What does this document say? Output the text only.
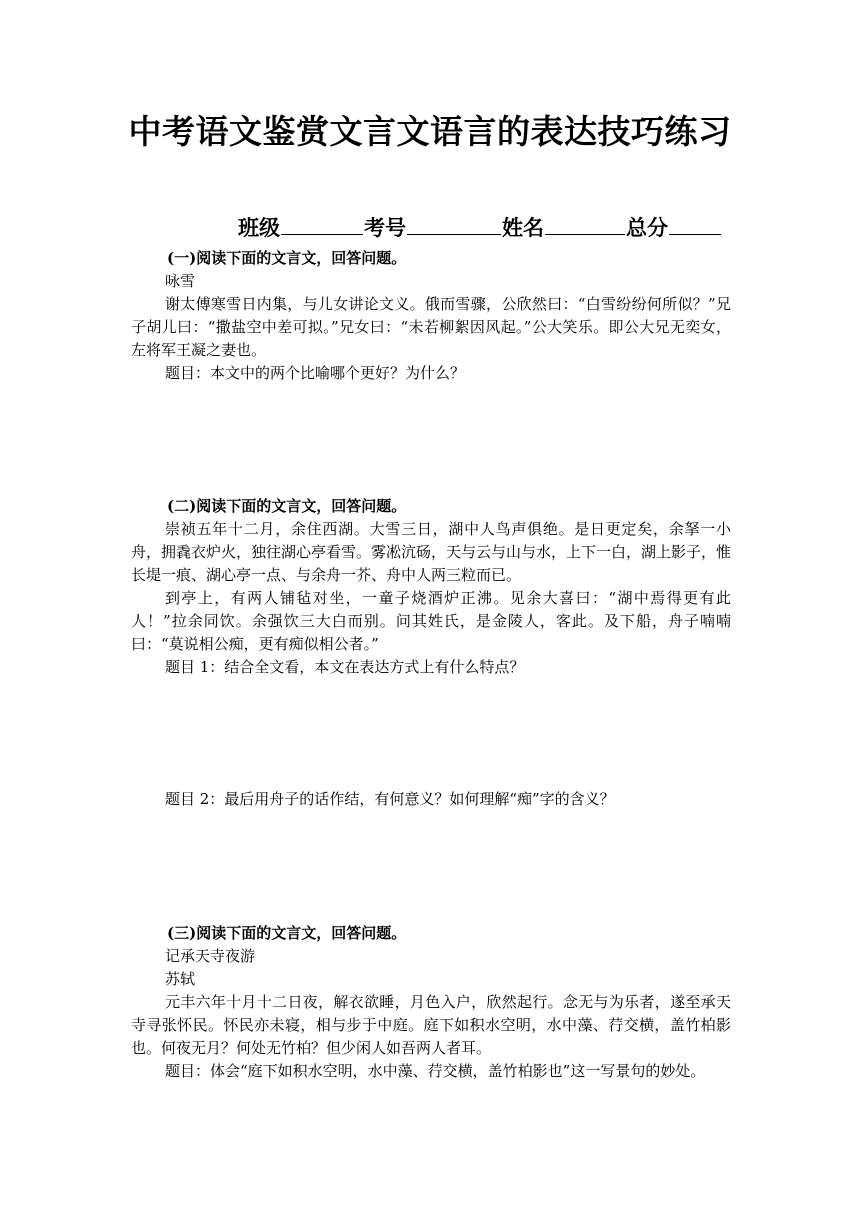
中考语文鉴赏文言文语言的表达技巧练习
班级	考号	姓名	总分
(一)阅读下面的文言文，回答问题。

咏雪

谢太傅寒雪日内集，与儿女讲论文义。俄而雪骤，公欣然曰：“白雪纷纷何所似？”兄子胡儿曰：“撒盐空中差可拟。”兄女曰：“未若柳絮因风起。”公大笑乐。即公大兄无奕女，左将军王凝之妻也。

题目：本文中的两个比喻哪个更好？为什么？

(二)阅读下面的文言文，回答问题。

崇祯五年十二月，余住西湖。大雪三日，湖中人鸟声俱绝。是日更定矣，余拏一小舟，拥毳衣炉火，独往湖心亭看雪。雾凇沆砀，天与云与山与水，上下一白，湖上影子，惟长堤一痕、湖心亭一点、与余舟一芥、舟中人两三粒而已。

到亭上，有两人铺毡对坐，一童子烧酒炉正沸。见余大喜曰：“湖中焉得更有此人！”拉余同饮。余强饮三大白而别。问其姓氏，是金陵人，客此。及下船，舟子喃喃曰：“莫说相公痴，更有痴似相公者。”

题目 1：结合全文看，本文在表达方式上有什么特点？

题目 2：最后用舟子的话作结，有何意义？如何理解“痴”字的含义？

(三)阅读下面的文言文，回答问题。

记承天寺夜游

苏轼

元丰六年十月十二日夜，解衣欲睡，月色入户，欣然起行。念无与为乐者，遂至承天寺寻张怀民。怀民亦未寝，相与步于中庭。庭下如积水空明，水中藻、荇交横，盖竹柏影也。何夜无月？何处无竹柏？但少闲人如吾两人者耳。

题目：体会“庭下如积水空明，水中藻、荇交横，盖竹柏影也”这一写景句的妙处。
